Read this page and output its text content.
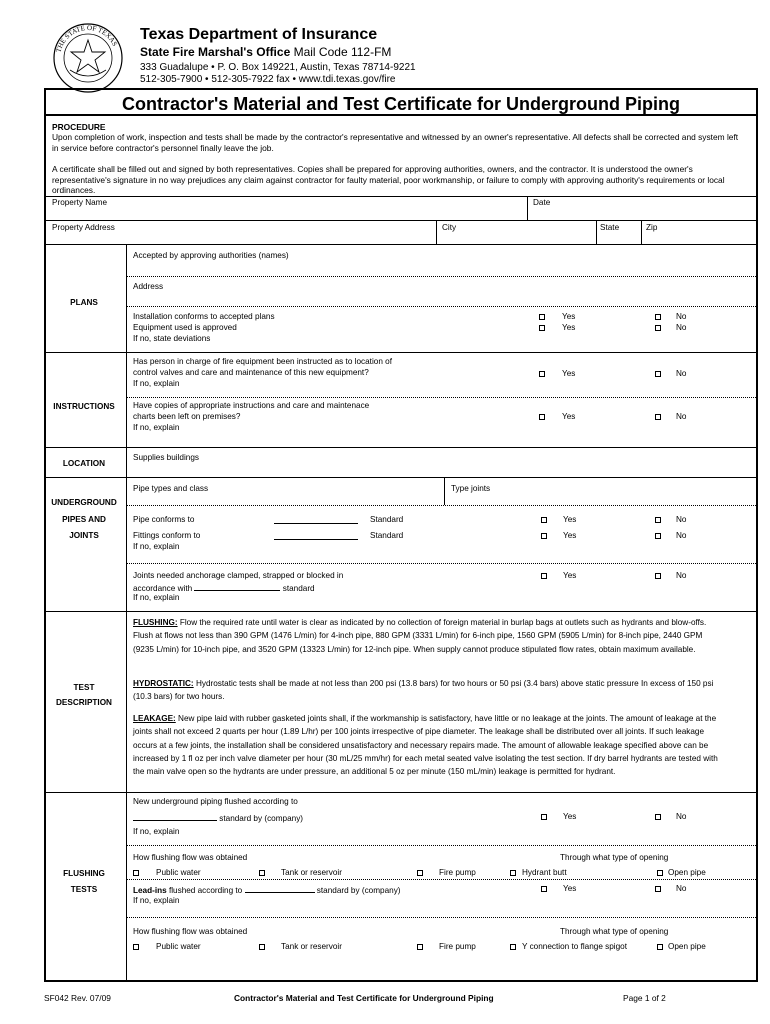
THE STATE OF TEXAS
Texas Department of Insurance
State Fire Marshal's Office Mail Code 112-FM
333 Guadalupe • P. O. Box 149221, Austin, Texas 78714-9221
512-305-7900 • 512-305-7922 fax • www.tdi.texas.gov/fire
Contractor's Material and Test Certificate for Underground Piping
PROCEDURE
Upon completion of work, inspection and tests shall be made by the contractor's representative and witnessed by an owner's representative. All defects shall be corrected and system left in service before contractor's personnel finally leave the job.
A certificate shall be filled out and signed by both representatives. Copies shall be prepared for approving authorities, owners, and the contractor. It is understood the owner's representative's signature in no way prejudices any claim against contractor for faulty material, poor workmanship, or failure to comply with approving authority's requirements or local ordinances.
Property Name	Date
Property Address	City	State	Zip
PLANS
Accepted by approving authorities (names)
Address
Installation conforms to accepted plans
Equipment used is approved
If no, state deviations
Yes	No
Yes	No
INSTRUCTIONS
Has person in charge of fire equipment been instructed as to location of
control valves and care and maintenance of this new equipment?
If no, explain
Yes	No
Have copies of appropriate instructions and care and maintenace
charts been left on premises?
If no, explain
Yes	No
LOCATION
Supplies buildings
UNDERGROUND
PIPES AND
JOINTS
Pipe types and class	Type joints
Pipe conforms to	Standard	Yes	No
Fittings conform to	Standard	Yes	No
If no, explain
Joints needed anchorage clamped, strapped or blocked in
accordance with	standard
If no, explain
Yes	No
TEST
DESCRIPTION
FLUSHING: Flow the required rate until water is clear as indicated by no collection of foreign material in burlap bags at outlets such as hydrants and blow-offs. Flush at flows not less than 390 GPM (1476 L/min) for 4-inch pipe, 880 GPM (3331 L/min) for 6-inch pipe, 1560 GPM (5905 L/min) for 8-inch pipe, 2440 GPM (9235 L/min) for 10-inch pipe, and 3520 GPM (13323 L/min) for 12-inch pipe. When supply cannot produce stipulated flow rates, obtain maximum available.
HYDROSTATIC: Hydrostatic tests shall be made at not less than 200 psi (13.8 bars) for two hours or 50 psi (3.4 bars) above static pressure In excess of 150 psi (10.3 bars) for two hours.
LEAKAGE: New pipe laid with rubber gasketed joints shall, if the workmanship is satisfactory, have little or no leakage at the joints. The amount of leakage at the joints shall not exceed 2 quarts per hour (1.89 L/hr) per 100 joints irrespective of pipe diameter. The leakage shall be distributed over all joints. If such leakage occurs at a few joints, the installation shall be considered unsatisfactory and necessary repairs made. The amount of allowable leakage specified above can be increased by 1 fl oz per inch valve diameter per hour (30 mL/25 mm/hr) for each metal seated valve isolating the test section. If dry barrel hydrants are tested with the main valve open so the hydrants are under pressure, an additional 5 oz per minute (150 mL/min) leakage is permitted for hydrant.
FLUSHING
TESTS
New underground piping flushed according to
standard by (company)	Yes	No
If no, explain
How flushing flow was obtained	Through what type of opening
Public water	Tank or reservoir	Fire pump	Hydrant butt	Open pipe
Lead-ins flushed according to	standard by (company)	Yes	No
If no, explain
How flushing flow was obtained	Through what type of opening
Public water	Tank or reservoir	Fire pump	Y connection to flange spigot	Open pipe
SF042 Rev. 07/09	Contractor's Material and Test Certificate for Underground Piping	Page 1 of 2
